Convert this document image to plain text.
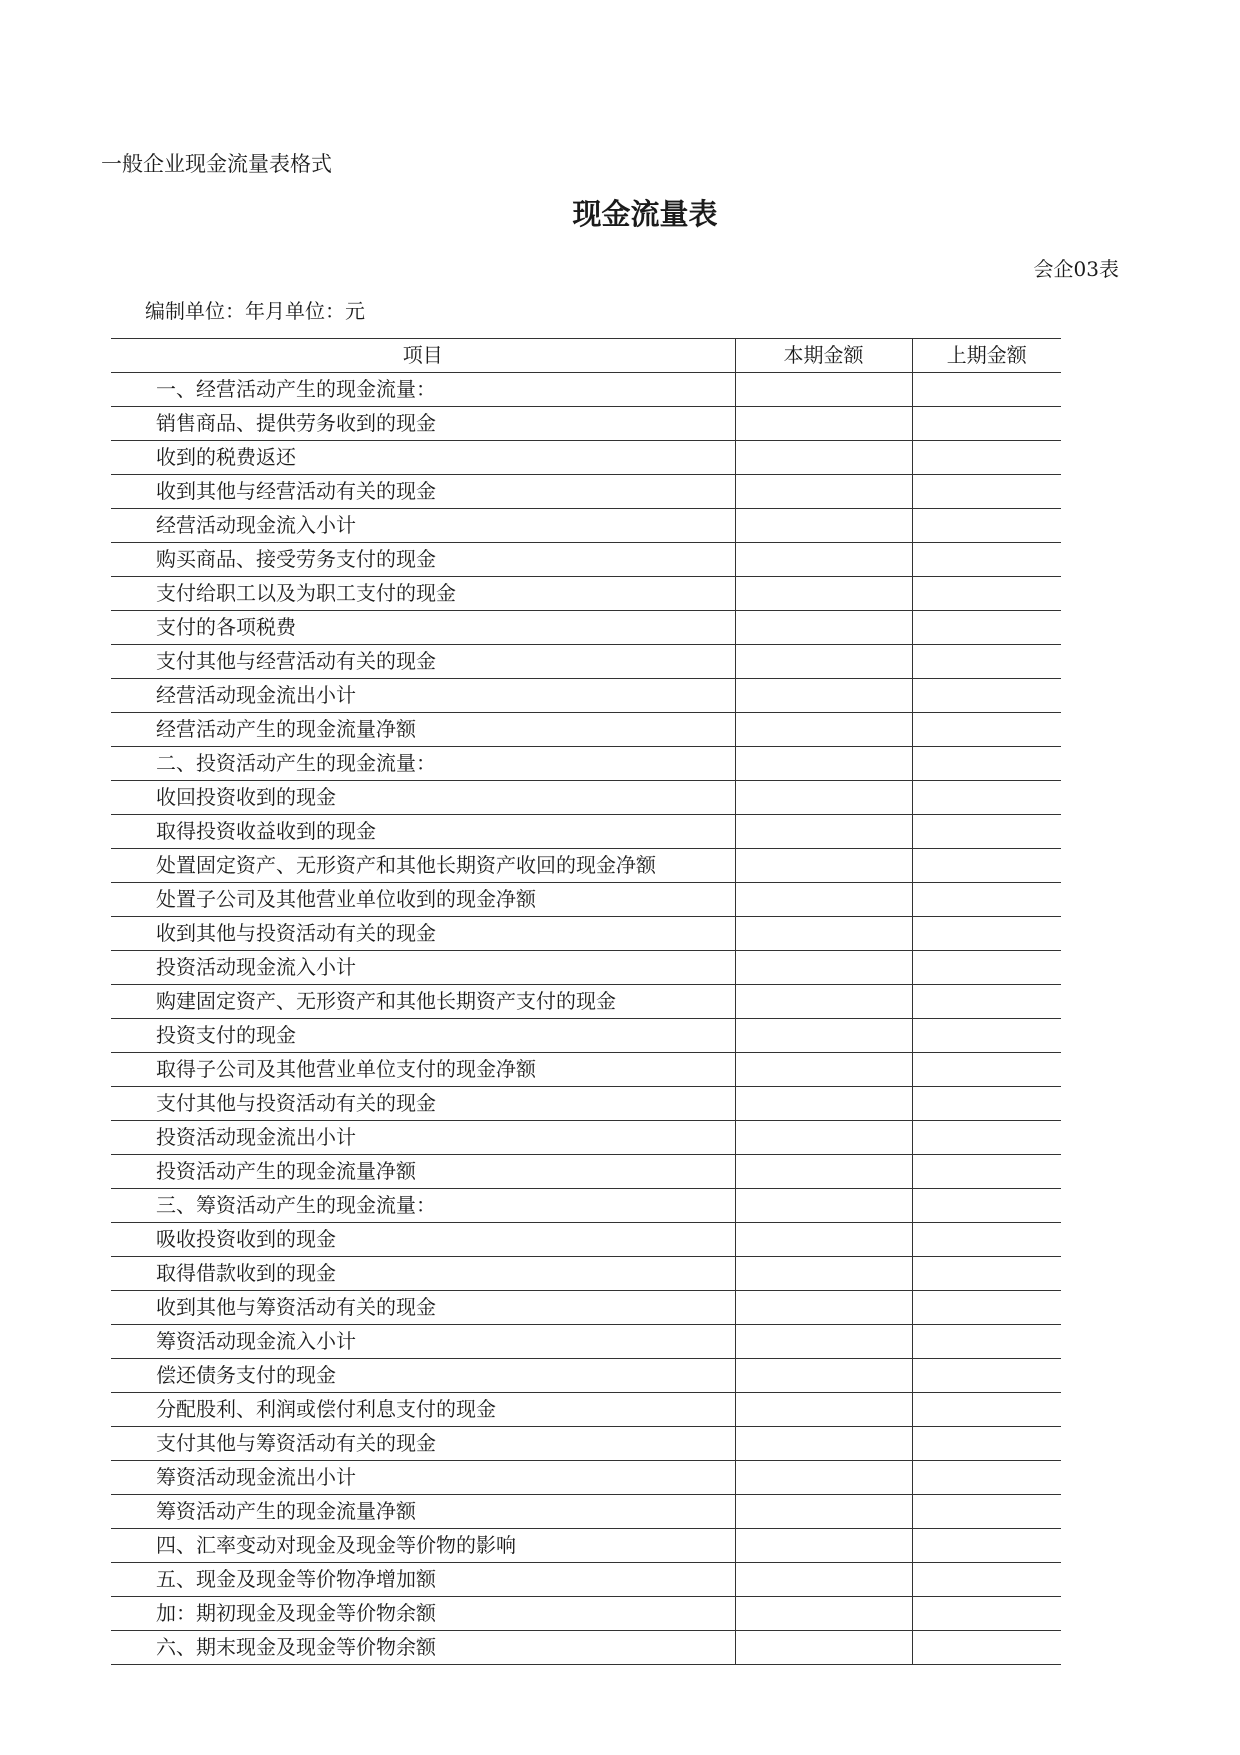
一般企业现金流量表格式
现金流量表
会企03表
编制单位：年月单位：元
项目	本期金额	上期金额
一、经营活动产生的现金流量：		
销售商品、提供劳务收到的现金		
收到的税费返还		
收到其他与经营活动有关的现金		
经营活动现金流入小计		
购买商品、接受劳务支付的现金		
支付给职工以及为职工支付的现金		
支付的各项税费		
支付其他与经营活动有关的现金		
经营活动现金流出小计		
经营活动产生的现金流量净额		
二、投资活动产生的现金流量：		
收回投资收到的现金		
取得投资收益收到的现金		
处置固定资产、无形资产和其他长期资产收回的现金净额		
处置子公司及其他营业单位收到的现金净额		
收到其他与投资活动有关的现金		
投资活动现金流入小计		
购建固定资产、无形资产和其他长期资产支付的现金		
投资支付的现金		
取得子公司及其他营业单位支付的现金净额		
支付其他与投资活动有关的现金		
投资活动现金流出小计		
投资活动产生的现金流量净额		
三、筹资活动产生的现金流量：		
吸收投资收到的现金		
取得借款收到的现金		
收到其他与筹资活动有关的现金		
筹资活动现金流入小计		
偿还债务支付的现金		
分配股利、利润或偿付利息支付的现金		
支付其他与筹资活动有关的现金		
筹资活动现金流出小计		
筹资活动产生的现金流量净额		
四、汇率变动对现金及现金等价物的影响		
五、现金及现金等价物净增加额		
加：期初现金及现金等价物余额		
六、期末现金及现金等价物余额		
